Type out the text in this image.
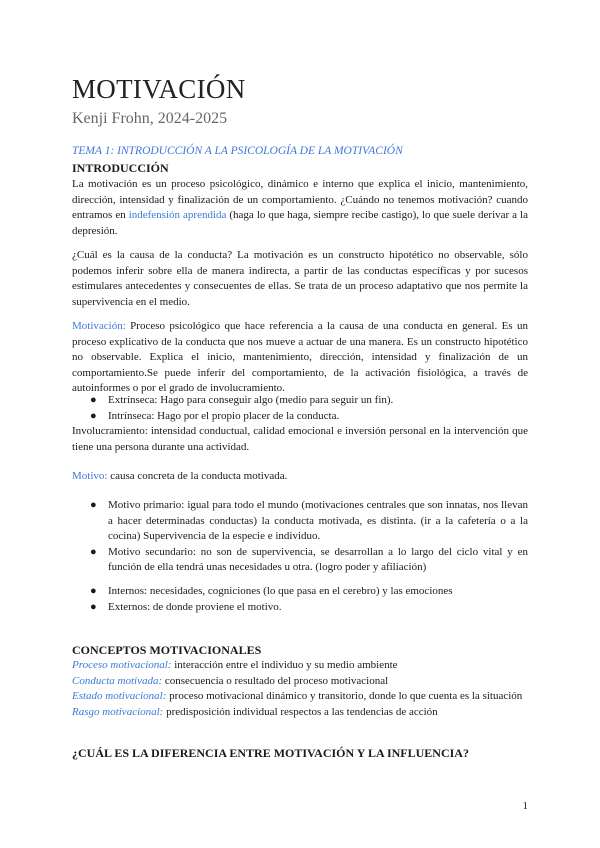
MOTIVACIÓN
Kenji Frohn, 2024-2025
TEMA 1: INTRODUCCIÓN A LA PSICOLOGÍA DE LA MOTIVACIÓN
INTRODUCCIÓN
La motivación es un proceso psicológico, dinámico e interno que explica el inicio, mantenimiento, dirección, intensidad y finalización de un comportamiento. ¿Cuándo no tenemos motivación? cuando entramos en indefensión aprendida (haga lo que haga, siempre recibe castigo), lo que suele derivar a la depresión.
¿Cuál es la causa de la conducta? La motivación es un constructo hipotético no observable, sólo podemos inferir sobre ella de manera indirecta, a partir de las conductas específicas y por sucesos estimulares antecedentes y consecuentes de ellas. Se trata de un proceso adaptativo que nos permite la supervivencia en el medio.
Motivación: Proceso psicológico que hace referencia a la causa de una conducta en general. Es un proceso explicativo de la conducta que nos mueve a actuar de una manera. Es un constructo hipotético no observable. Explica el inicio, mantenimiento, dirección, intensidad y finalización de un comportamiento.Se puede inferir del comportamiento, de la activación fisiológica, a través de autoinformes o por el grado de involucramiento.
● Extrínseca: Hago para conseguir algo (medio para seguir un fin).
● Intrínseca: Hago por el propio placer de la conducta.
Involucramiento: intensidad conductual, calidad emocional e inversión personal en la intervención que tiene una persona durante una actividad.
Motivo: causa concreta de la conducta motivada.
● Motivo primario: igual para todo el mundo (motivaciones centrales que son innatas, nos llevan a hacer determinadas conductas) la conducta motivada, es distinta. (ir a la cafetería o a la cocina) Supervivencia de la especie e individuo.
● Motivo secundario: no son de supervivencia, se desarrollan a lo largo del ciclo vital y en función de ella tendrá unas necesidades u otra. (logro poder y afiliación)
● Internos: necesidades, cogniciones (lo que pasa en el cerebro) y las emociones
● Externos: de donde proviene el motivo.
CONCEPTOS MOTIVACIONALES
Proceso motivacional: interacción entre el individuo y su medio ambiente
Conducta motivada: consecuencia o resultado del proceso motivacional
Estado motivacional: proceso motivacional dinámico y transitorio, donde lo que cuenta es la situación
Rasgo motivacional: predisposición individual respectos a las tendencias de acción
¿CUÁL ES LA DIFERENCIA ENTRE MOTIVACIÓN Y LA INFLUENCIA?
1
